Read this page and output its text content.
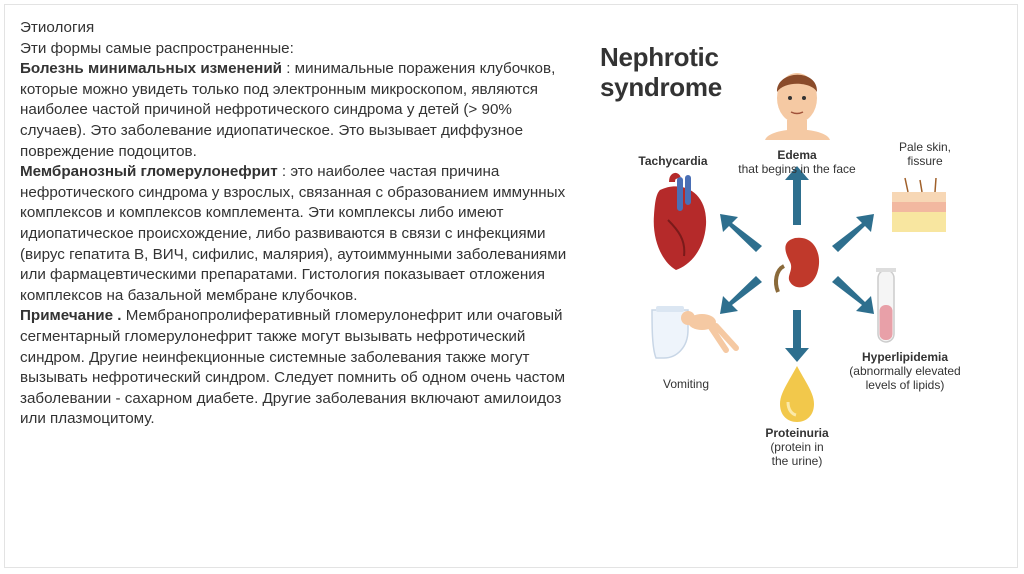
Этиология

Эти формы самые распространенные:

Болезнь минимальных изменений : минимальные поражения клубочков, которые можно увидеть только под электронным микроскопом, являются наиболее частой причиной нефротического синдрома у детей (> 90% случаев). Это заболевание идиопатическое. Это вызывает диффузное повреждение подоцитов.

Мембранозный гломерулонефрит : это наиболее частая причина нефротического синдрома у взрослых, связанная с образованием иммунных комплексов и комплексов комплемента. Эти комплексы либо имеют идиопатическое происхождение, либо развиваются в связи с инфекциями (вирус гепатита B, ВИЧ, сифилис, малярия), аутоиммунными заболеваниями или фармацевтическими препаратами. Гистология показывает отложения комплексов на базальной мембране клубочков.

Примечание . Мембранопролиферативный гломерулонефрит или очаговый сегментарный гломерулонефрит также могут вызывать нефротический синдром. Другие неинфекционные системные заболевания также могут вызывать нефротический синдром. Следует помнить об одном очень частом заболевании - сахарном диабете. Другие заболевания включают амилоидоз или плазмоцитому.

Nephrotic
syndrome
Edema
that begins in the face
Pale skin,
fissure
Tachycardia
Hyperlipidemia
(abnormally elevated
levels of lipids)
Vomiting
Proteinuria
(protein in
the urine)
